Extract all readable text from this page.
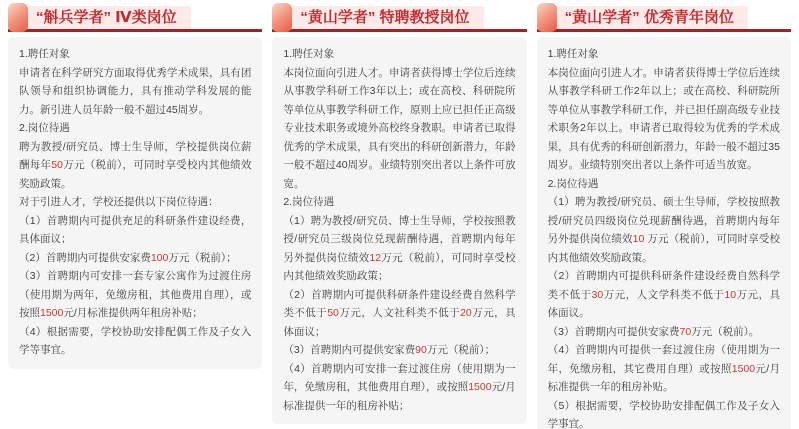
“斛兵学者” Ⅳ类岗位

1.聘任对象

申请者在科学研究方面取得优秀学术成果，具有团队领导和组织协调能力，具有推动学科发展的能力。新引进人员年龄一般不超过45周岁。

2.岗位待遇

聘为教授/研究员、博士生导师，学校提供岗位薪酬每年50万元（税前），可同时享受校内其他绩效奖励政策。

对于引进人才，学校还提供以下岗位待遇：

（1）首聘期内可提供充足的科研条件建设经费，具体面议；

（2）首聘期内可提供安家费100万元（税前）；

（3）首聘期内可安排一套专家公寓作为过渡住房（使用期为两年，免缴房租，其他费用自理），或按照1500元/月标准提供两年租房补贴；

（4）根据需要，学校协助安排配偶工作及子女入学等事宜。

“黄山学者” 特聘教授岗位

1.聘任对象

本岗位面向引进人才。申请者获得博士学位后连续从事教学科研工作3年以上；或在高校、科研院所等单位从事教学科研工作，原则上应已担任正高级专业技术职务或境外高校终身教职。申请者已取得优秀的学术成果，具有突出的科研创新潜力，年龄一般不超过40周岁。业绩特别突出者以上条件可放宽。

2.岗位待遇

（1）聘为教授/研究员、博士生导师，学校按照教授/研究员三级岗位兑现薪酬待遇，首聘期内每年另外提供岗位绩效12万元（税前），可同时享受校内其他绩效奖励政策；

（2）首聘期内可提供科研条件建设经费自然科学类不低于50万元，人文社科类不低于20万元，具体面议；

（3）首聘期内可提供安家费90万元（税前）；

（4）首聘期内可安排一套过渡住房（使用期为一年，免缴房租，其他费用自理），或按照1500元/月标准提供一年的租房补贴；

“黄山学者” 优秀青年岗位

1.聘任对象

本岗位面向引进人才。申请者获得博士学位后连续从事教学科研工作2年以上；或在高校、科研院所等单位从事教学科研工作，并已担任副高级专业技术职务2年以上。申请者已取得较为优秀的学术成果，具有优秀的科研创新潜力，年龄一般不超过35周岁。业绩特别突出者以上条件可适当放宽。

2.岗位待遇

（1）聘为教授/研究员、硕士生导师，学校按照教授/研究员四级岗位兑现薪酬待遇，首聘期内每年另外提供岗位绩效10 万元（税前），可同时享受校内其他绩效奖励政策。

（2）首聘期内可提供科研条件建设经费自然科学类不低于30万元，人文学科类不低于10万元，具体面议。

（3）首聘期内可提供安家费70万元（税前）。

（4）首聘期内可提供一套过渡住房（使用期为一年，免缴房租，其它费用自理）或按照1500元/月标准提供一年的租房补贴。

（5）根据需要，学校协助安排配偶工作及子女入学事宜。
